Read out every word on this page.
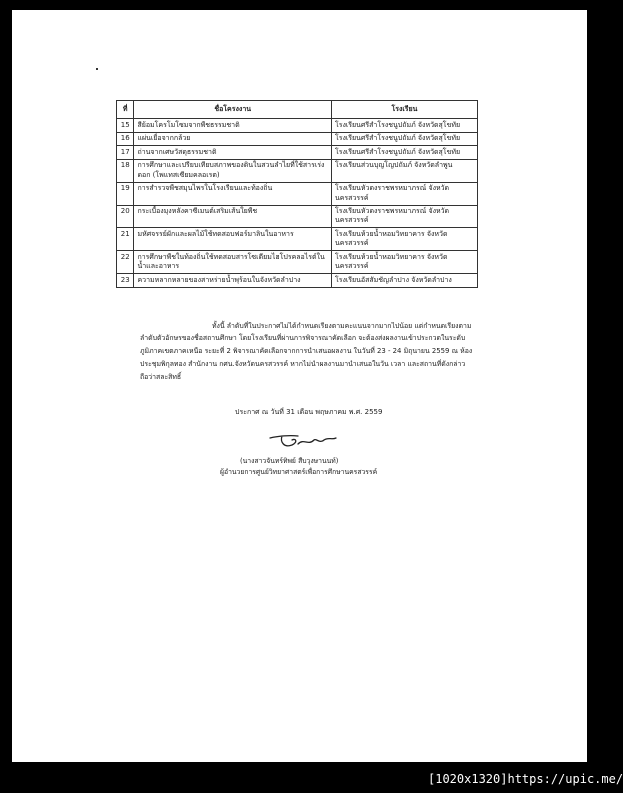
ที่	ชื่อโครงงาน	โรงเรียน
15	สีย้อมโครโมโซมจากพืชธรรมชาติ	โรงเรียนศรีสำโรงชนูปถัมภ์ จังหวัดสุโขทัย
16	แผ่นเยื่อจากกล้วย	โรงเรียนศรีสำโรงชนูปถัมภ์ จังหวัดสุโขทัย
17	ถ่านจากเศษวัสดุธรรมชาติ	โรงเรียนศรีสำโรงชนูปถัมภ์ จังหวัดสุโขทัย
18	การศึกษาและเปรียบเทียบสภาพของดินในสวนลำไยที่ใช้สารเร่งดอก (โพแทสเซียมคลอเรต)	โรงเรียนส่วนบุญโญปถัมภ์ จังหวัดลำพูน
19	การสำรวจพืชสมุนไพรในโรงเรียนและท้องถิ่น	โรงเรียนหัวดงราชพรหมาภรณ์ จังหวัดนครสวรรค์
20	กระเบื้องมุงหลังคาซีเมนต์เสริมเส้นใยพืช	โรงเรียนหัวดงราชพรหมาภรณ์ จังหวัดนครสวรรค์
21	มหัศจรรย์ผักและผลไม้ใช้ทดสอบฟอร์มาลินในอาหาร	โรงเรียนห้วยน้ำหอมวิทยาคาร จังหวัดนครสวรรค์
22	การศึกษาพืชในท้องถิ่นใช้ทดสอบสารโซเดียมไฮโปรคลอไรต์ในน้ำและอาหาร	โรงเรียนห้วยน้ำหอมวิทยาคาร จังหวัดนครสวรรค์
23	ความหลากหลายของสาหร่ายน้ำพุร้อนในจังหวัดลำปาง	โรงเรียนอัสสัมชัญลำปาง จังหวัดลำปาง

ทั้งนี้ ลำดับที่ในประกาศไม่ได้กำหนดเรียงตามคะแนนจากมากไปน้อย แต่กำหนดเรียงตามลำดับตัวอักษรของชื่อสถานศึกษา โดยโรงเรียนที่ผ่านการพิจารณาคัดเลือก จะต้องส่งผลงานเข้าประกวดในระดับภูมิภาคเขตภาคเหนือ ระยะที่ 2 พิจารณาคัดเลือกจากการนำเสนอผลงาน ในวันที่ 23 - 24 มิถุนายน 2559 ณ ห้องประชุมพิกุลทอง สำนักงาน กศน.จังหวัดนครสวรรค์ หากไม่นำผลงานมานำเสนอในวัน เวลา และสถานที่ดังกล่าว ถือว่าสละสิทธิ์

ประกาศ ณ วันที่ 31 เดือน พฤษภาคม พ.ศ. 2559
(นางสาวจันทร์ทิพย์ สืบวุงษานนท์)
ผู้อำนวยการศูนย์วิทยาศาสตร์เพื่อการศึกษานครสวรรค์
[1020x1320]https://upic.me/
